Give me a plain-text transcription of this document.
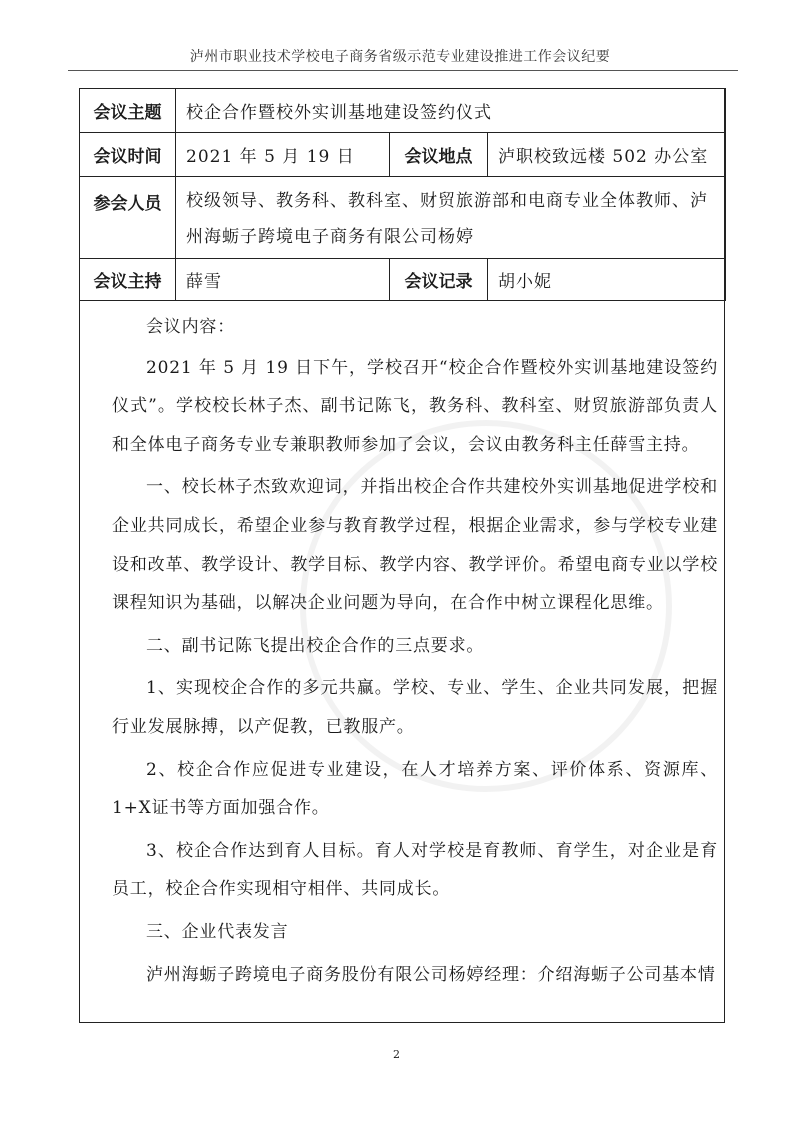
泸州市职业技术学校电子商务省级示范专业建设推进工作会议纪要
会议主题	校企合作暨校外实训基地建设签约仪式		
会议时间	2021 年 5 月 19 日	会议地点	泸职校致远楼 502 办公室
参会人员	校级领导、教务科、教科室、财贸旅游部和电商专业全体教师、泸州海蛎子跨境电子商务有限公司杨婷		
会议主持	薛雪	会议记录	胡小妮

会议内容：

2021 年 5 月 19 日下午，学校召开“校企合作暨校外实训基地建设签约仪式”。学校校长林子杰、副书记陈飞，教务科、教科室、财贸旅游部负责人和全体电子商务专业专兼职教师参加了会议，会议由教务科主任薛雪主持。

一、校长林子杰致欢迎词，并指出校企合作共建校外实训基地促进学校和企业共同成长，希望企业参与教育教学过程，根据企业需求，参与学校专业建设和改革、教学设计、教学目标、教学内容、教学评价。希望电商专业以学校课程知识为基础，以解决企业问题为导向，在合作中树立课程化思维。

二、副书记陈飞提出校企合作的三点要求。

1、实现校企合作的多元共赢。学校、专业、学生、企业共同发展，把握行业发展脉搏，以产促教，已教服产。

2、校企合作应促进专业建设，在人才培养方案、评价体系、资源库、1+X证书等方面加强合作。

3、校企合作达到育人目标。育人对学校是育教师、育学生，对企业是育员工，校企合作实现相守相伴、共同成长。

三、企业代表发言

泸州海蛎子跨境电子商务股份有限公司杨婷经理：介绍海蛎子公司基本情

2
